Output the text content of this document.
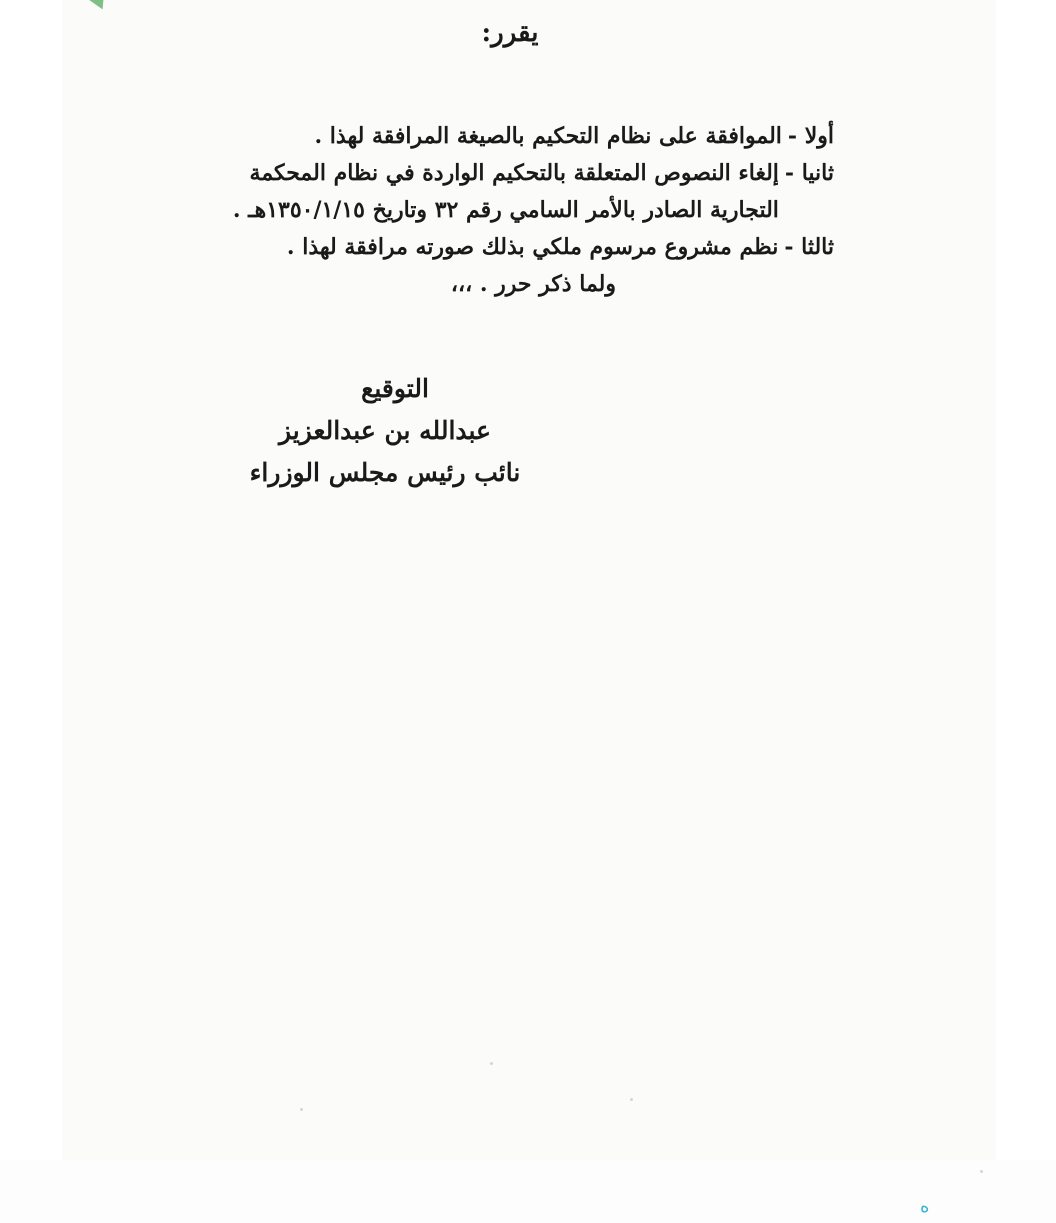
يقرر:
أولا -
الموافقة على نظام التحكيم بالصيغة المرافقة لهذا .
ثانيا -
إلغاء النصوص المتعلقة بالتحكيم الواردة في نظام المحكمة التجارية الصادر بالأمر السامي رقم ٣٢ وتاريخ ١٣٥٠/١/١٥هـ .
ثالثا -
نظم مشروع مرسوم ملكي بذلك صورته مرافقة لهذا .
ولما ذكر حرر . ،،،
التوقيع
عبدالله بن عبدالعزيز
نائب رئيس مجلس الوزراء
ه
